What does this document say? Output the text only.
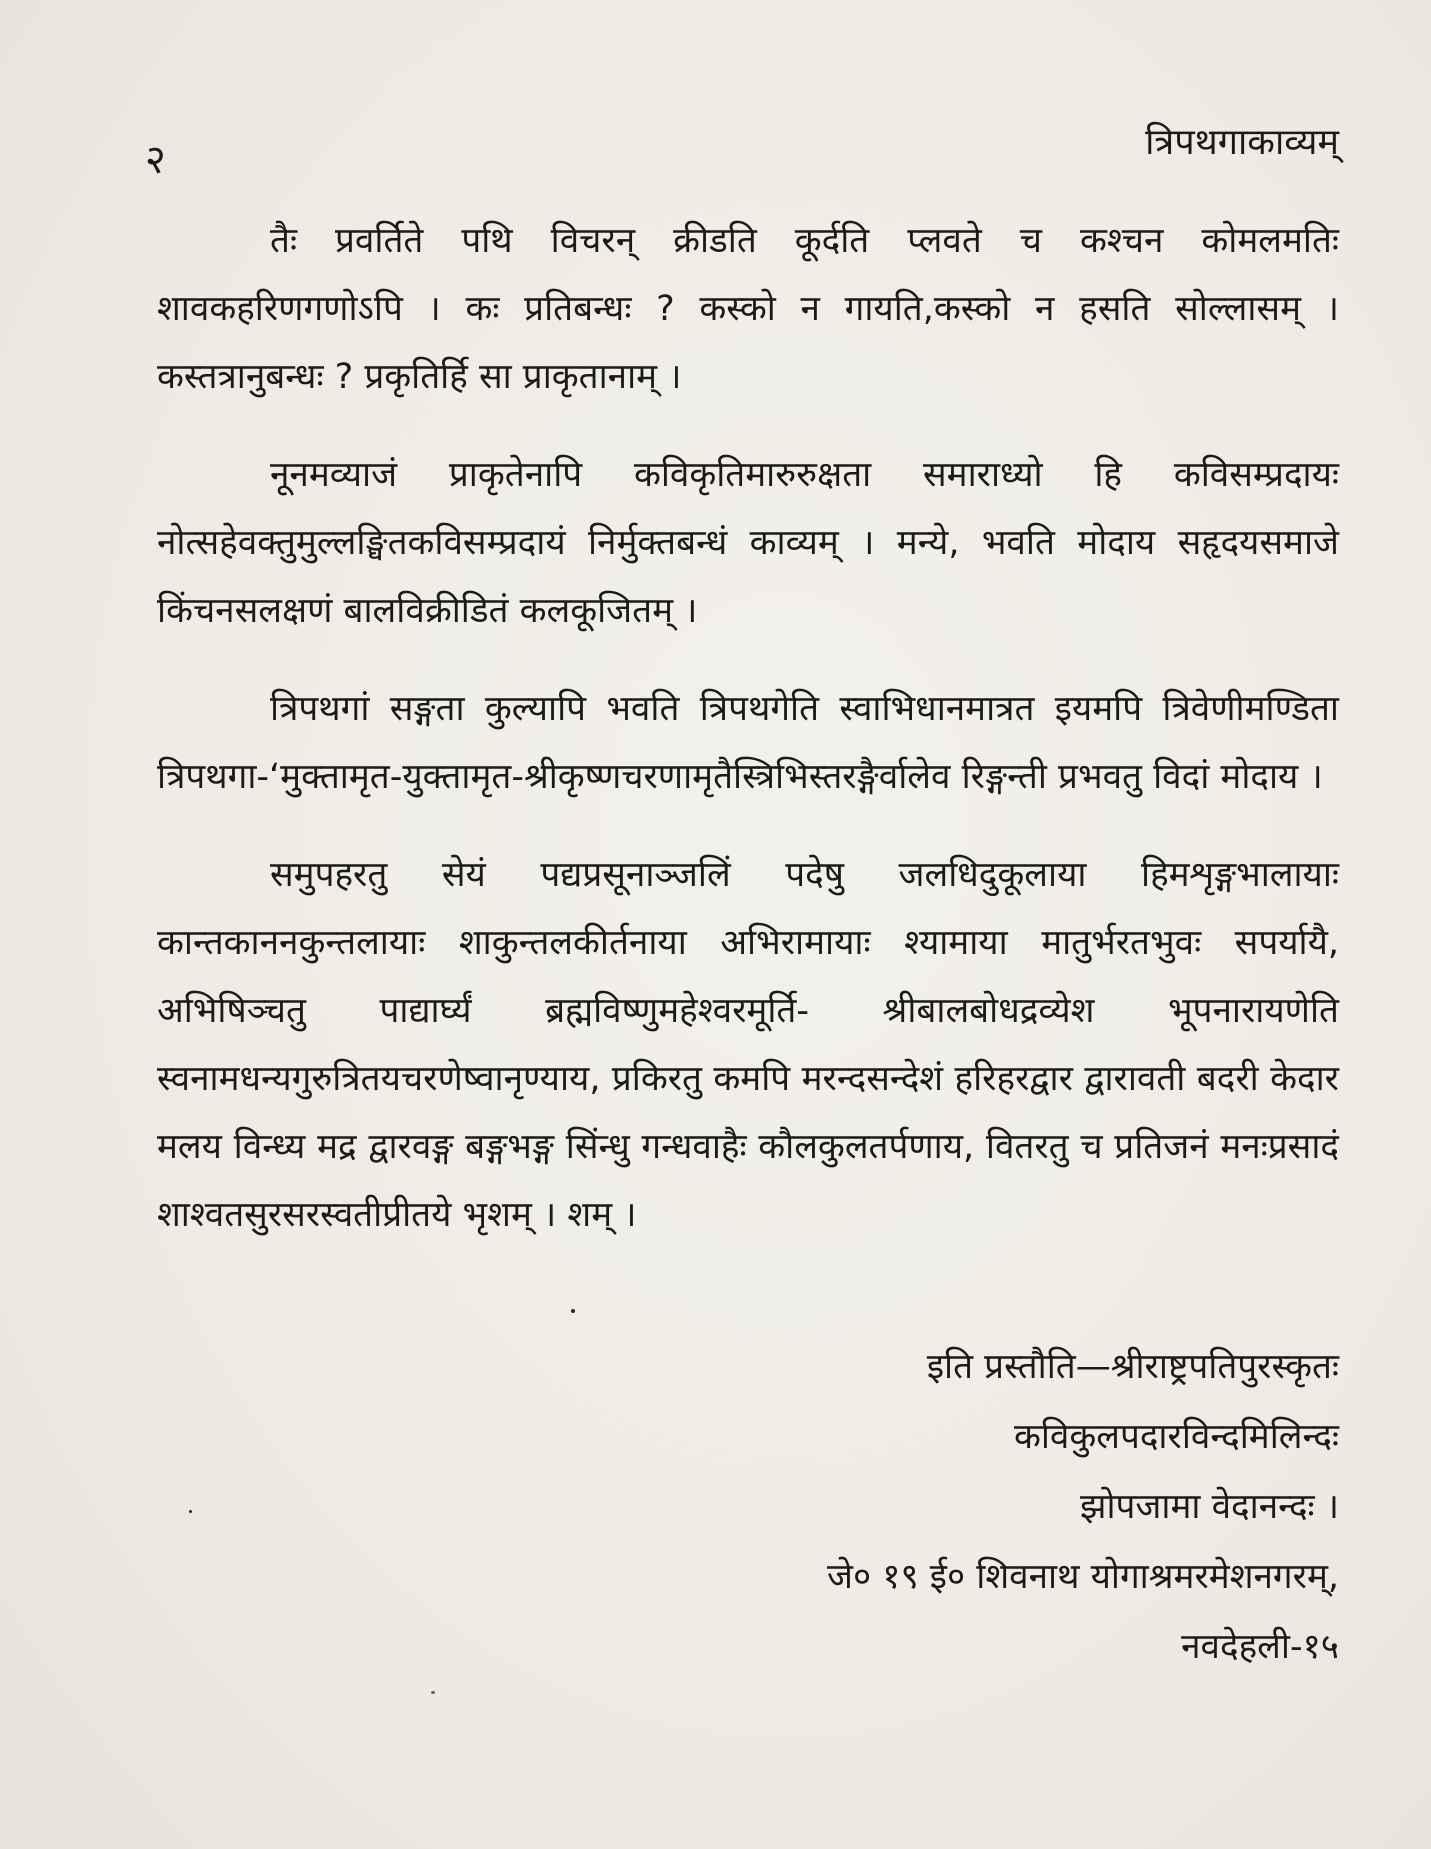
२	त्रिपथगाकाव्यम्

तैः प्रवर्तिते पथि विचरन् क्रीडति कूर्दति प्लवते च कश्चन कोमलमतिः शावकहरिणगणोऽपि । कः प्रतिबन्धः ? कस्को न गायति,कस्को न हसति सोल्लासम् । कस्तत्रानुबन्धः ? प्रकृतिर्हि सा प्राकृतानाम् ।

नूनमव्याजं प्राकृतेनापि कविकृतिमारुरुक्षता समाराध्यो हि कविसम्प्रदायः नोत्सहेवक्तुमुल्लङ्घितकविसम्प्रदायं निर्मुक्तबन्धं काव्यम् । मन्ये, भवति मोदाय सहृदयसमाजे किंचनसलक्षणं बालविक्रीडितं कलकूजितम् ।

त्रिपथगां सङ्गता कुल्यापि भवति त्रिपथगेति स्वाभिधानमात्रत इयमपि त्रिवेणीमण्डिता त्रिपथगा-‘मुक्तामृत-युक्तामृत-श्रीकृष्णचरणामृतैस्त्रिभिस्तरङ्गैर्वालेव रिङ्गन्ती प्रभवतु विदां मोदाय ।

समुपहरतु सेयं पद्यप्रसूनाञ्जलिं पदेषु जलधिदुकूलाया हिमशृङ्गभालायाः कान्तकाननकुन्तलायाः शाकुन्तलकीर्तनाया अभिरामायाः श्यामाया मातुर्भरतभुवः सपर्यायै, अभिषिञ्चतु पाद्यार्घ्यं ब्रह्मविष्णुमहेश्वरमूर्ति- श्रीबालबोधद्रव्येश भूपनारायणेति स्वनामधन्यगुरुत्रितयचरणेष्वानृण्याय, प्रकिरतु कमपि मरन्दसन्देशं हरिहरद्वार द्वारावती बदरी केदार मलय विन्ध्य मद्र द्वारवङ्ग बङ्गभङ्ग सिंन्धु गन्धवाहैः कौलकुलतर्पणाय, वितरतु च प्रतिजनं मनःप्रसादं शाश्वतसुरसरस्वतीप्रीतये भृशम् । शम् ।

इति प्रस्तौति—श्रीराष्ट्रपतिपुरस्कृतः
कविकुलपदारविन्दमिलिन्दः
झोपजामा वेदानन्दः ।
जे० १९ ई० शिवनाथ योगाश्रमरमेशनगरम्,
नवदेहली-१५
